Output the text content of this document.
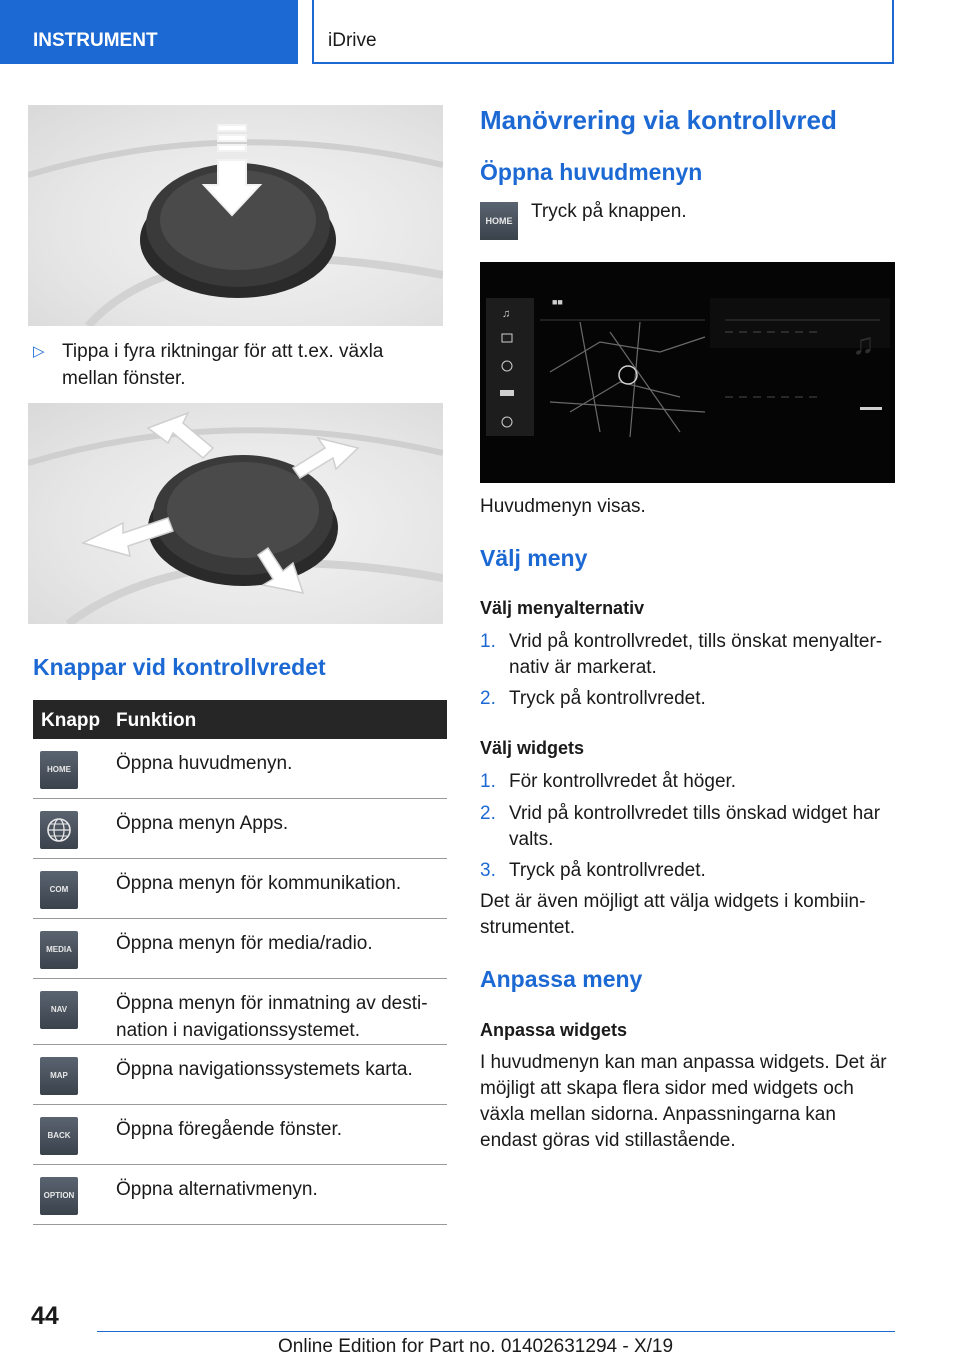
INSTRUMENT	iDrive
▷ Tippa i fyra riktningar för att t.ex. växla mellan fönster.
Knappar vid kontrollvredet
Knapp Funktion
HOME	Öppna huvudmenyn.
Öppna menyn Apps.
COM	Öppna menyn för kommunikation.
MEDIA	Öppna menyn för media/radio.
NAV	Öppna menyn för inmatning av destination i navigationssystemet.
MAP	Öppna navigationssystemets karta.
BACK	Öppna föregående fönster.
OPTION Öppna alternativmenyn.
Manövrering via kontrollvred
Öppna huvudmenyn
HOME Tryck på knappen.
♫
♫
■■
Huvudmenyn visas.
Välj meny
Välj menyalternativ
1. Vrid på kontrollvredet, tills önskat menyalternativ är markerat.
2. Tryck på kontrollvredet.
Välj widgets
1. För kontrollvredet åt höger.
2. Vrid på kontrollvredet tills önskad widget har valts.
3. Tryck på kontrollvredet.
Det är även möjligt att välja widgets i kombiinstrumentet.
Anpassa meny
Anpassa widgets
I huvudmenyn kan man anpassa widgets. Det är möjligt att skapa flera sidor med widgets och växla mellan sidorna. Anpassningarna kan endast göras vid stillastående.
44
Online Edition for Part no. 01402631294 - X/19
